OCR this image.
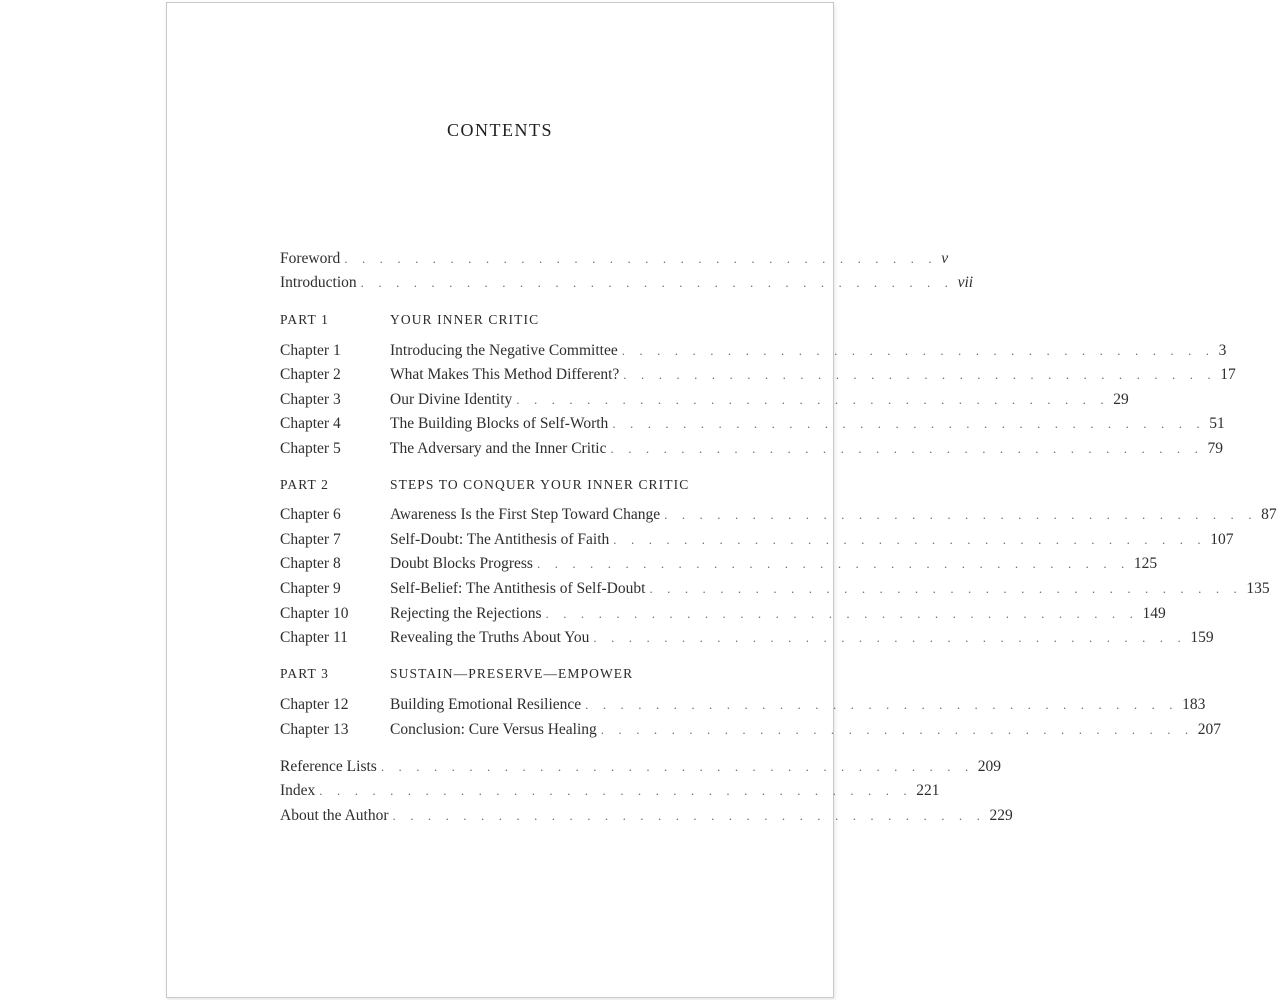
CONTENTS
Foreword . . . . . . . . . . . . . . . . . . . . . . . . . . . . . . . . . . v
Introduction . . . . . . . . . . . . . . . . . . . . . . . . . . . . . . . . . . vii
PART 1	YOUR INNER CRITIC
Chapter 1	Introducing the Negative Committee . . . . . . . . . . . . . . . . . . . . . . . . . . . . . . . . . . 3
Chapter 2	What Makes This Method Different? . . . . . . . . . . . . . . . . . . . . . . . . . . . . . . . . . . 17
Chapter 3	Our Divine Identity . . . . . . . . . . . . . . . . . . . . . . . . . . . . . . . . . . 29
Chapter 4	The Building Blocks of Self-Worth . . . . . . . . . . . . . . . . . . . . . . . . . . . . . . . . . . 51
Chapter 5	The Adversary and the Inner Critic . . . . . . . . . . . . . . . . . . . . . . . . . . . . . . . . . . 79
PART 2	STEPS TO CONQUER YOUR INNER CRITIC
Chapter 6	Awareness Is the First Step Toward Change . . . . . . . . . . . . . . . . . . . . . . . . . . . . . . . . . . 87
Chapter 7	Self-Doubt: The Antithesis of Faith . . . . . . . . . . . . . . . . . . . . . . . . . . . . . . . . . . 107
Chapter 8	Doubt Blocks Progress . . . . . . . . . . . . . . . . . . . . . . . . . . . . . . . . . . 125
Chapter 9	Self-Belief: The Antithesis of Self-Doubt . . . . . . . . . . . . . . . . . . . . . . . . . . . . . . . . . . 135
Chapter 10	Rejecting the Rejections . . . . . . . . . . . . . . . . . . . . . . . . . . . . . . . . . . 149
Chapter 11	Revealing the Truths About You . . . . . . . . . . . . . . . . . . . . . . . . . . . . . . . . . . 159
PART 3	SUSTAIN—PRESERVE—EMPOWER
Chapter 12	Building Emotional Resilience . . . . . . . . . . . . . . . . . . . . . . . . . . . . . . . . . . 183
Chapter 13	Conclusion: Cure Versus Healing . . . . . . . . . . . . . . . . . . . . . . . . . . . . . . . . . . 207
Reference Lists . . . . . . . . . . . . . . . . . . . . . . . . . . . . . . . . . . 209
Index . . . . . . . . . . . . . . . . . . . . . . . . . . . . . . . . . . 221
About the Author . . . . . . . . . . . . . . . . . . . . . . . . . . . . . . . . . . 229
